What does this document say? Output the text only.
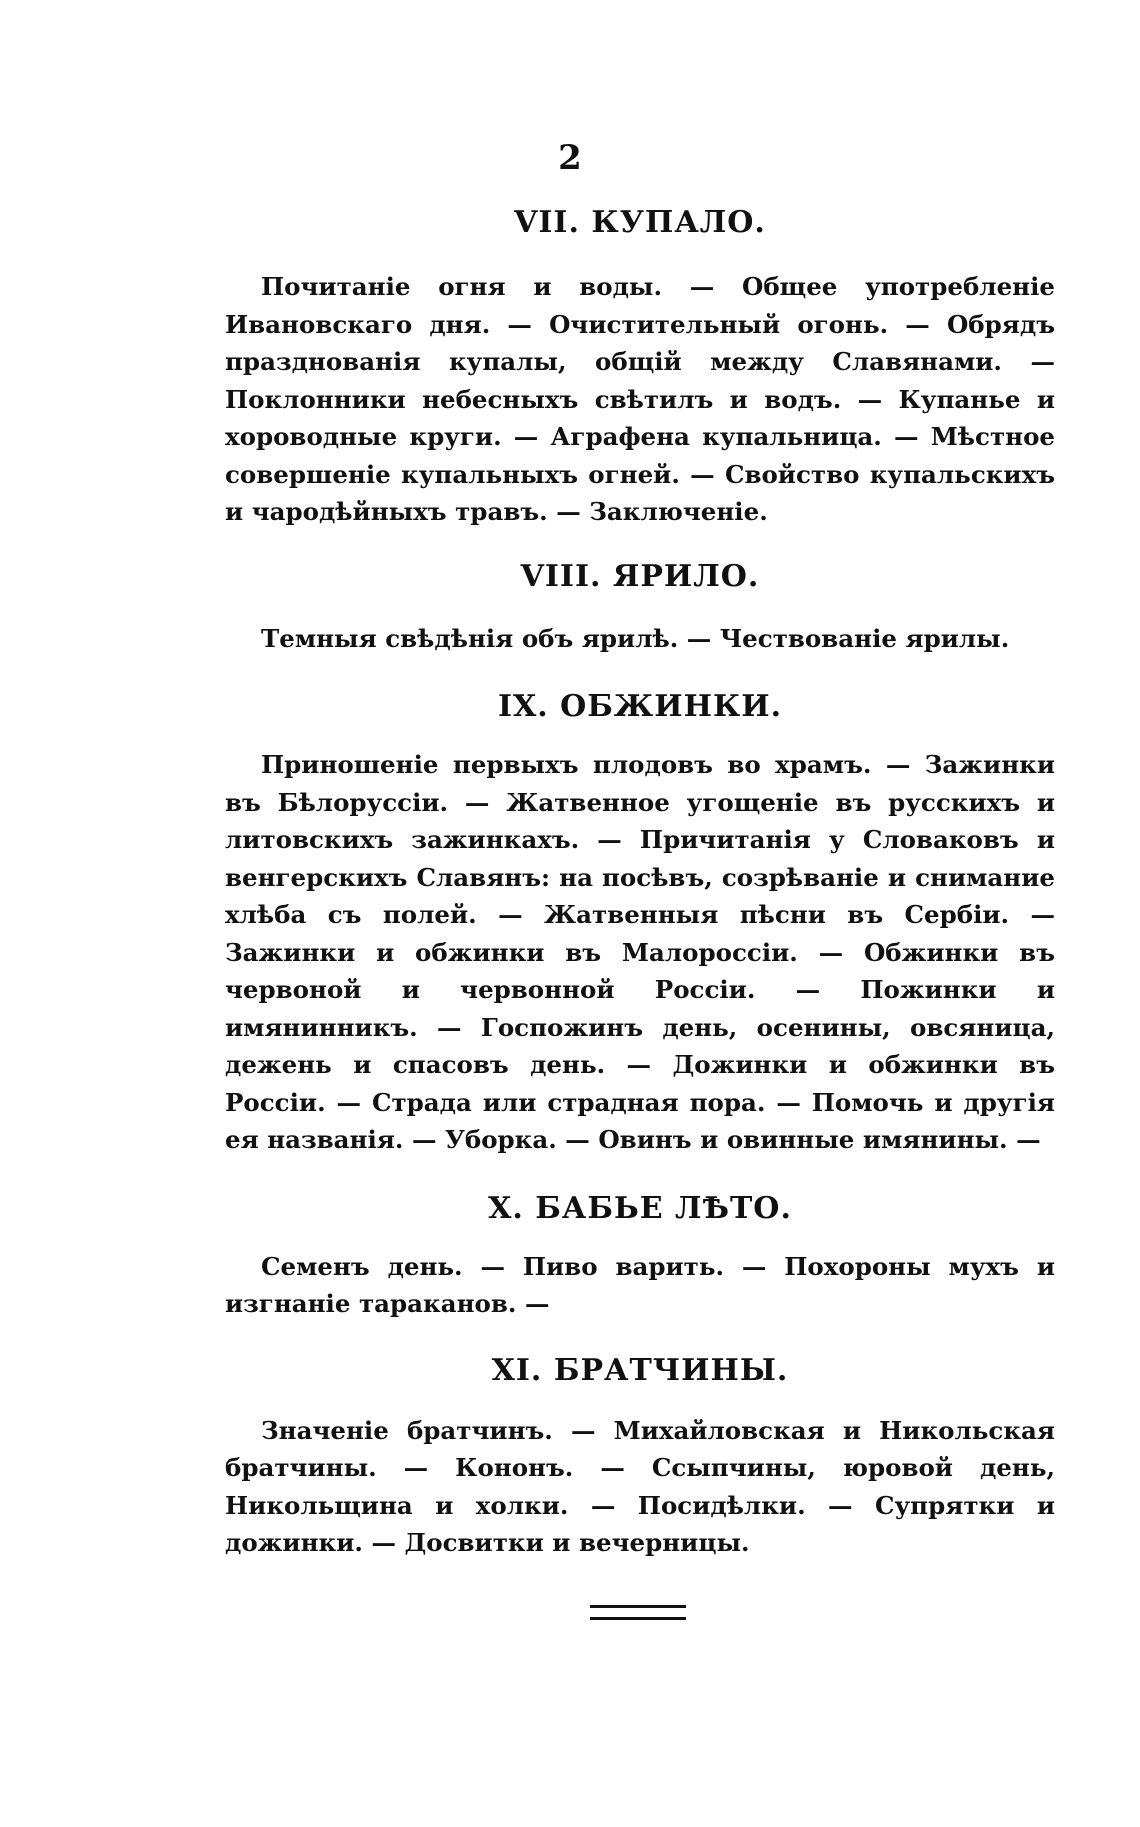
2
VII. КУПАЛО.

Почитаніе огня и воды. — Общее употребленіе Ивановскаго дня. — Очистительный огонь. — Обрядъ празднованія купалы, общій между Славянами. — Поклонники небесныхъ свѣтилъ и водъ. — Купанье и хороводные круги. — Аграфена купальница. — Мѣстное совершеніе купальныхъ огней. — Свойство купальскихъ и чародѣйныхъ травъ. — Заключеніе.

VIII. ЯРИЛО.

Темныя свѣдѣнія объ ярилѣ. — Чествованіе ярилы.

IX. ОБЖИНКИ.

Приношеніе первыхъ плодовъ во храмъ. — Зажинки въ Бѣлоруссіи. — Жатвенное угощеніе въ русскихъ и литовскихъ зажинкахъ. — Причитанія у Словаковъ и венгерскихъ Славянъ: на посѣвъ, созрѣваніе и снимание хлѣба съ полей. — Жатвенныя пѣсни въ Сербіи. — Зажинки и обжинки въ Малороссіи. — Обжинки въ червоной и червонной Россіи. — Пожинки и имянинникъ. — Госпожинъ день, осенины, овсяница, дежень и спасовъ день. — Дожинки и обжинки въ Россіи. — Страда или страдная пора. — Помочь и другія ея названія. — Уборка. — Овинъ и овинные имянины. —

X. БАБЬЕ ЛѢТО.

Семенъ день. — Пиво варить. — Похороны мухъ и изгнаніе тараканов. —

XI. БРАТЧИНЫ.

Значеніе братчинъ. — Михайловская и Никольская братчины. — Кононъ. — Ссыпчины, юровой день, Никольщина и холки. — Посидѣлки. — Супрятки и дожинки. — Досвитки и вечерницы.
